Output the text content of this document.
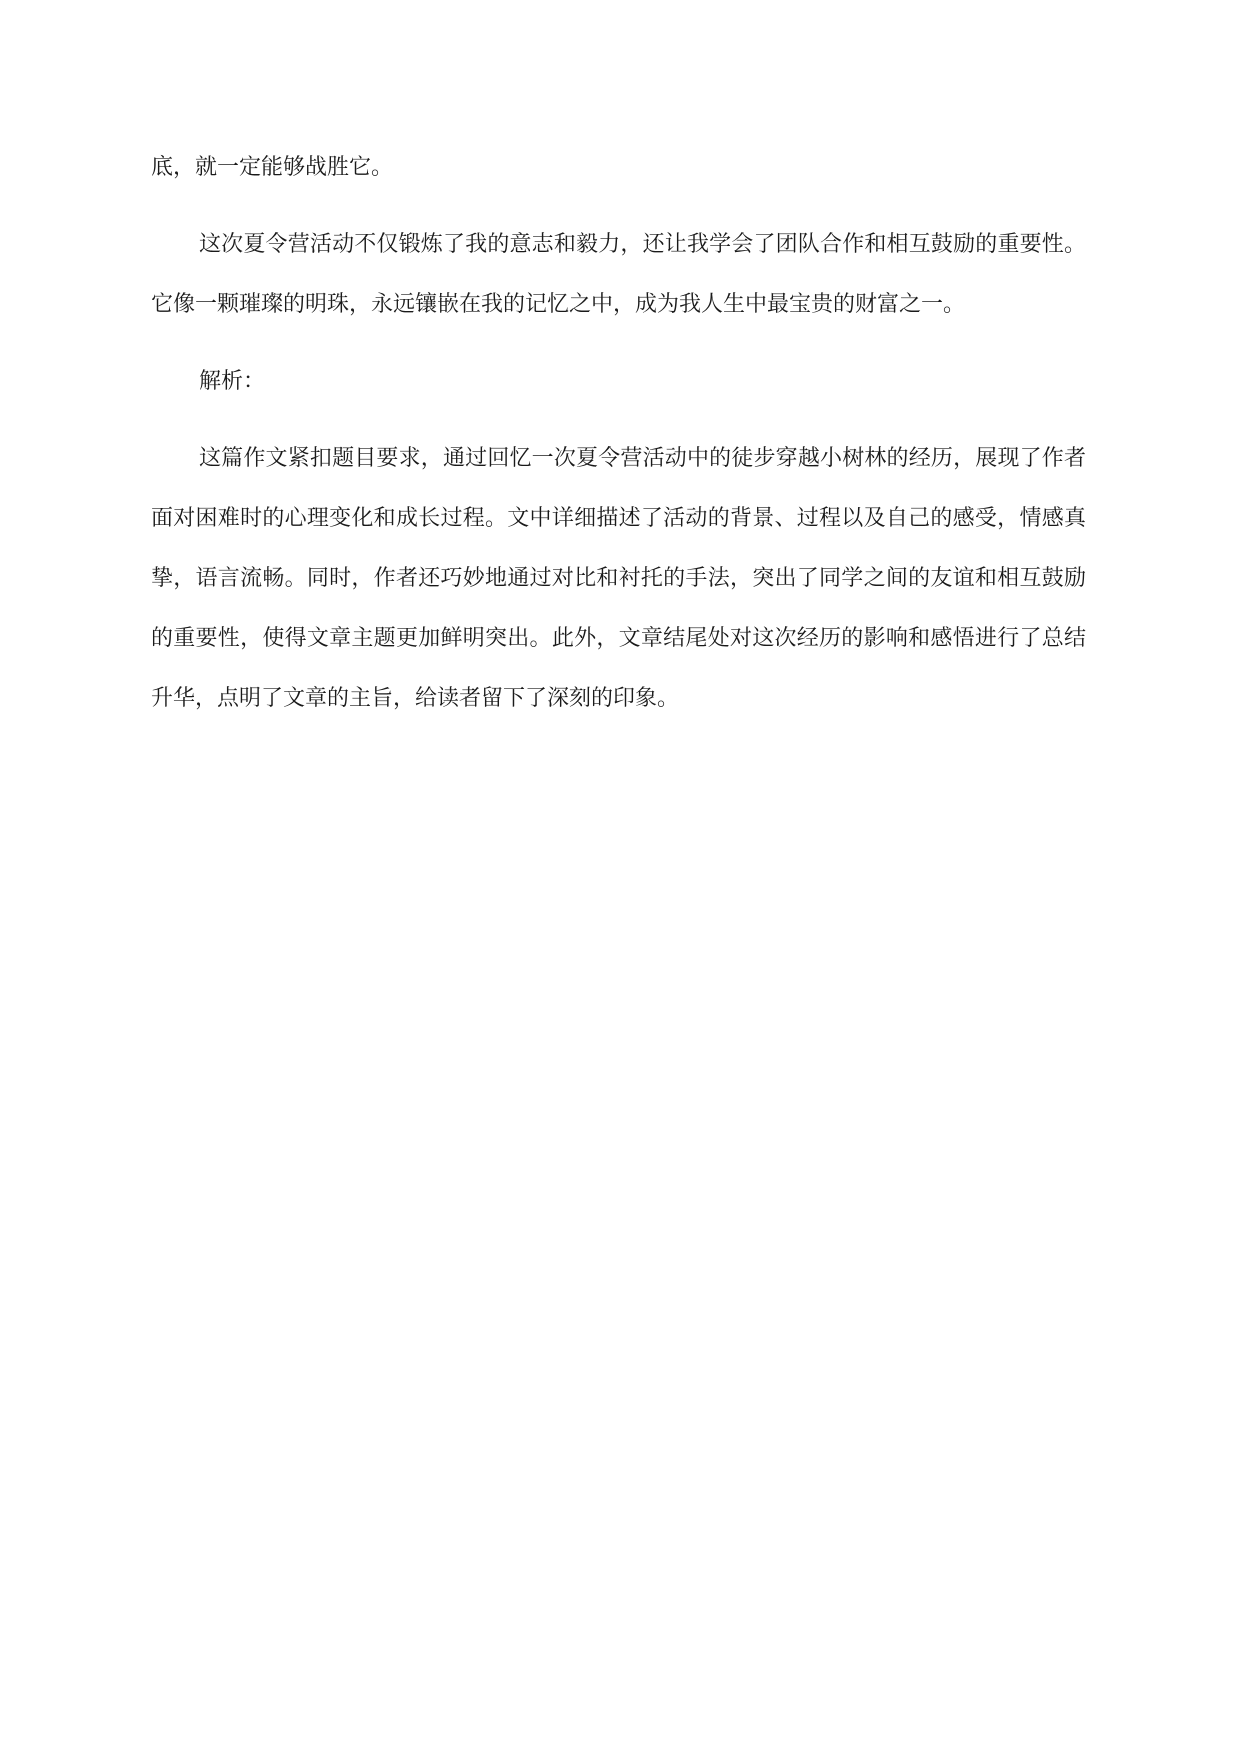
底，就一定能够战胜它。

这次夏令营活动不仅锻炼了我的意志和毅力，还让我学会了团队合作和相互鼓励的重要性。它像一颗璀璨的明珠，永远镶嵌在我的记忆之中，成为我人生中最宝贵的财富之一。

解析：

这篇作文紧扣题目要求，通过回忆一次夏令营活动中的徒步穿越小树林的经历，展现了作者面对困难时的心理变化和成长过程。文中详细描述了活动的背景、过程以及自己的感受，情感真挚，语言流畅。同时，作者还巧妙地通过对比和衬托的手法，突出了同学之间的友谊和相互鼓励的重要性，使得文章主题更加鲜明突出。此外，文章结尾处对这次经历的影响和感悟进行了总结升华，点明了文章的主旨，给读者留下了深刻的印象。
